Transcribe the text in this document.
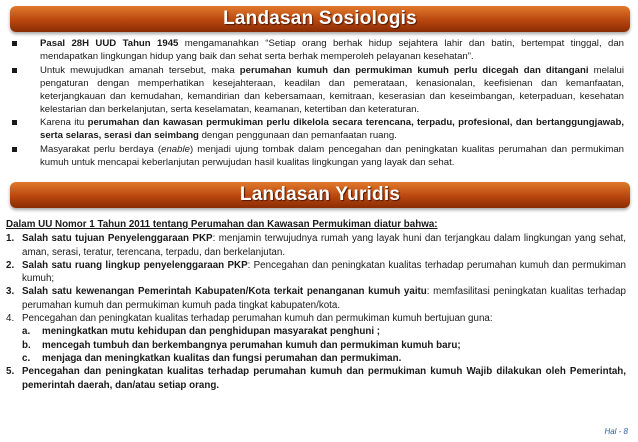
Landasan Sosiologis
Pasal 28H UUD Tahun 1945 mengamanahkan “Setiap orang berhak hidup sejahtera lahir dan batin, bertempat tinggal, dan mendapatkan lingkungan hidup yang baik dan sehat serta berhak memperoleh pelayanan kesehatan”.
Untuk mewujudkan amanah tersebut, maka perumahan kumuh dan permukiman kumuh perlu dicegah dan ditangani melalui pengaturan dengan memperhatikan kesejahteraan, keadilan dan pemerataan, kenasionalan, keefisienan dan kemanfaatan, keterjangkauan dan kemudahan, kemandirian dan kebersamaan, kemitraan, keserasian dan keseimbangan, keterpaduan, kesehatan kelestarian dan berkelanjutan, serta keselamatan, keamanan, ketertiban dan keteraturan.
Karena itu perumahan dan kawasan permukiman perlu dikelola secara terencana, terpadu, profesional, dan bertanggungjawab, serta selaras, serasi dan seimbang dengan penggunaan dan pemanfaatan ruang.
Masyarakat perlu berdaya (enable) menjadi ujung tombak dalam pencegahan dan peningkatan kualitas perumahan dan permukiman kumuh untuk mencapai keberlanjutan perwujudan hasil kualitas lingkungan yang layak dan sehat.
Landasan Yuridis
Dalam UU Nomor 1 Tahun 2011 tentang Perumahan dan Kawasan Permukiman diatur bahwa:
1. Salah satu tujuan Penyelenggaraan PKP: menjamin terwujudnya rumah yang layak huni dan terjangkau dalam lingkungan yang sehat, aman, serasi, teratur, terencana, terpadu, dan berkelanjutan.
2. Salah satu ruang lingkup penyelenggaraan PKP: Pencegahan dan peningkatan kualitas terhadap perumahan kumuh dan permukiman kumuh;
3. Salah satu kewenangan Pemerintah Kabupaten/Kota terkait penanganan kumuh yaitu: memfasilitasi peningkatan kualitas terhadap perumahan kumuh dan permukiman kumuh pada tingkat kabupaten/kota.
4. Pencegahan dan peningkatan kualitas terhadap perumahan kumuh dan permukiman kumuh bertujuan guna:
a. meningkatkan mutu kehidupan dan penghidupan masyarakat penghuni ;
b. mencegah tumbuh dan berkembangnya perumahan kumuh dan permukiman kumuh baru;
c. menjaga dan meningkatkan kualitas dan fungsi perumahan dan permukiman.
5. Pencegahan dan peningkatan kualitas terhadap perumahan kumuh dan permukiman kumuh Wajib dilakukan oleh Pemerintah, pemerintah daerah, dan/atau setiap orang.
Hal - 8
